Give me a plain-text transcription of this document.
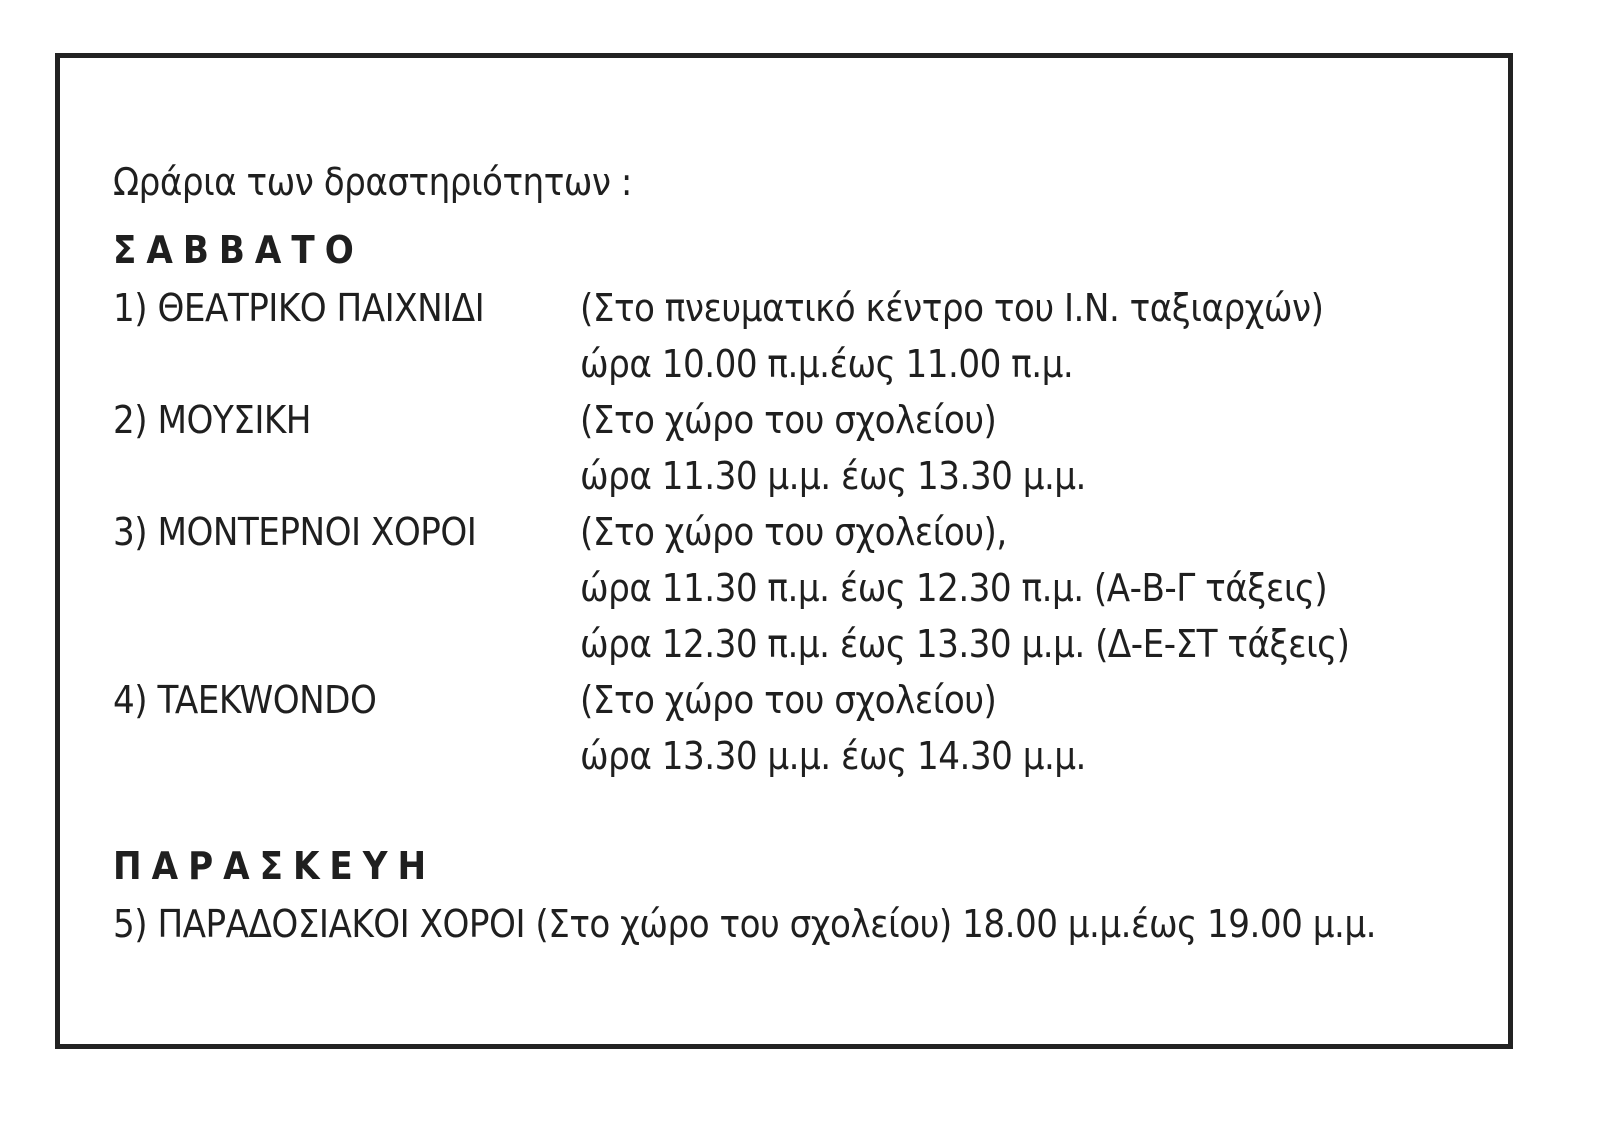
Ωράρια των δραστηριότητων :
ΣΑΒΒΑΤΟ
1) ΘΕΑΤΡΙΚΟ ΠΑΙΧΝΙΔΙ	(Στο πνευματικό κέντρο του Ι.Ν. ταξιαρχών)
ώρα 10.00 π.μ.έως 11.00 π.μ.
2) ΜΟΥΣΙΚΗ	(Στο χώρο του σχολείου)
ώρα 11.30 μ.μ. έως 13.30 μ.μ.
3) ΜΟΝΤΕΡΝΟΙ ΧΟΡΟΙ	(Στο χώρο του σχολείου),
ώρα 11.30 π.μ. έως 12.30 π.μ. (Α-Β-Γ τάξεις)
ώρα 12.30 π.μ. έως 13.30 μ.μ. (Δ-Ε-ΣΤ τάξεις)
4) TAEKWONDO	(Στο χώρο του σχολείου)
ώρα 13.30 μ.μ. έως 14.30 μ.μ.
ΠΑΡΑΣΚΕΥΗ
5) ΠΑΡΑΔΟΣΙΑΚΟΙ ΧΟΡΟΙ (Στο χώρο του σχολείου) 18.00 μ.μ.έως 19.00 μ.μ.
